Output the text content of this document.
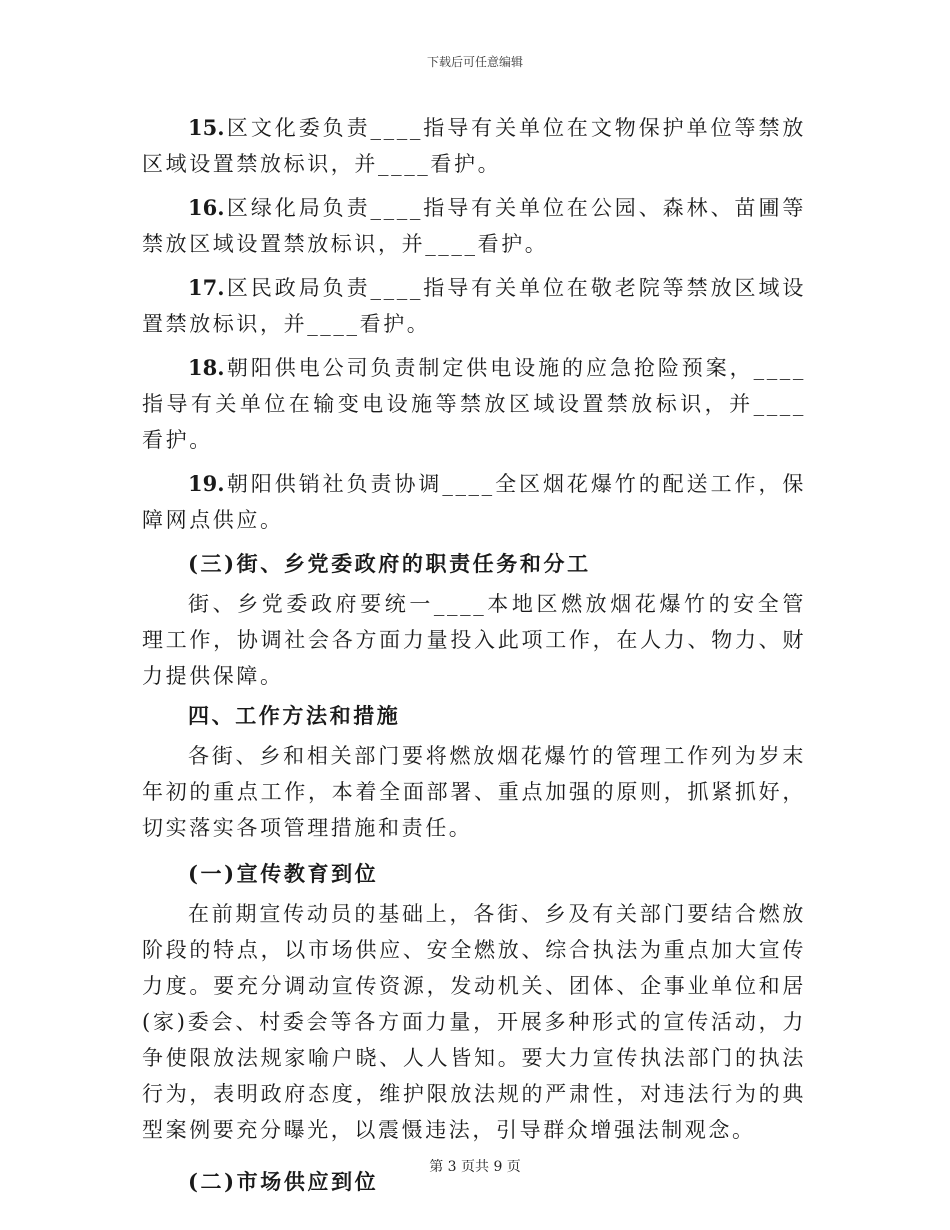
下载后可任意编辑

15.区文化委负责____指导有关单位在文物保护单位等禁放区域设置禁放标识，并____看护。

16.区绿化局负责____指导有关单位在公园、森林、苗圃等禁放区域设置禁放标识，并____看护。

17.区民政局负责____指导有关单位在敬老院等禁放区域设置禁放标识，并____看护。

18.朝阳供电公司负责制定供电设施的应急抢险预案，____指导有关单位在输变电设施等禁放区域设置禁放标识，并____看护。

19.朝阳供销社负责协调____全区烟花爆竹的配送工作，保障网点供应。

(三)街、乡党委政府的职责任务和分工

街、乡党委政府要统一____本地区燃放烟花爆竹的安全管理工作，协调社会各方面力量投入此项工作，在人力、物力、财力提供保障。

四、工作方法和措施

各街、乡和相关部门要将燃放烟花爆竹的管理工作列为岁末年初的重点工作，本着全面部署、重点加强的原则，抓紧抓好，切实落实各项管理措施和责任。

(一)宣传教育到位

在前期宣传动员的基础上，各街、乡及有关部门要结合燃放阶段的特点，以市场供应、安全燃放、综合执法为重点加大宣传力度。要充分调动宣传资源，发动机关、团体、企事业单位和居(家)委会、村委会等各方面力量，开展多种形式的宣传活动，力争使限放法规家喻户晓、人人皆知。要大力宣传执法部门的执法行为，表明政府态度，维护限放法规的严肃性，对违法行为的典型案例要充分曝光，以震慑违法，引导群众增强法制观念。

(二)市场供应到位

第 3 页共 9 页
